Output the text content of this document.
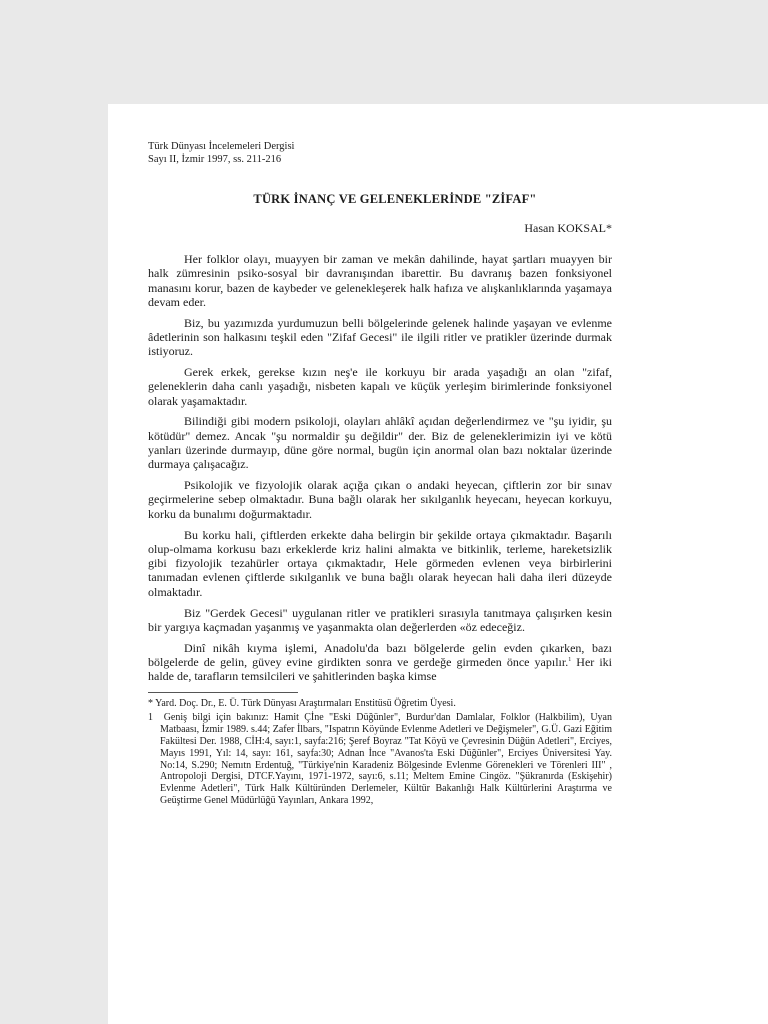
Türk Dünyası İncelemeleri Dergisi
Sayı II, İzmir 1997, ss. 211-216
TÜRK İNANÇ VE GELENEKLERİNDE "ZİFAF"
Hasan KOKSAL*

Her folklor olayı, muayyen bir zaman ve mekân dahilinde, hayat şartları muayyen bir halk zümresinin psiko-sosyal bir davranışından ibarettir. Bu davranış bazen fonksiyonel manasını korur, bazen de kaybeder ve gelenekleşerek halk hafıza ve alışkanlıklarında yaşamaya devam eder.

Biz, bu yazımızda yurdumuzun belli bölgelerinde gelenek halinde yaşayan ve evlenme âdetlerinin son halkasını teşkil eden "Zifaf Gecesi" ile ilgili ritler ve pratikler üzerinde durmak istiyoruz.

Gerek erkek, gerekse kızın neş'e ile korkuyu bir arada yaşadığı an olan "zifaf, geleneklerin daha canlı yaşadığı, nisbeten kapalı ve küçük yerleşim birimlerinde fonksiyonel olarak yaşamaktadır.

Bilindiği gibi modern psikoloji, olayları ahlâkî açıdan değerlendirmez ve "şu iyidir, şu kötüdür" demez. Ancak "şu normaldir şu değildir" der. Biz de geleneklerimizin iyi ve kötü yanları üzerinde durmayıp, düne göre normal, bugün için anormal olan bazı noktalar üzerinde durmaya çalışacağız.

Psikolojik ve fizyolojik olarak açığa çıkan o andaki heyecan, çiftlerin zor bir sınav geçirmelerine sebep olmaktadır. Buna bağlı olarak her sıkılganlık heyecanı, heyecan korkuyu, korku da bunalımı doğurmaktadır.

Bu korku hali, çiftlerden erkekte daha belirgin bir şekilde ortaya çıkmaktadır. Başarılı olup-olmama korkusu bazı erkeklerde kriz halini almakta ve bitkinlik, terleme, hareketsizlik gibi fizyolojik tezahürler ortaya çıkmaktadır, Hele görmeden evlenen veya birbirlerini tanımadan evlenen çiftlerde sıkılganlık ve buna bağlı olarak heyecan hali daha ileri düzeyde olmaktadır.

Biz "Gerdek Gecesi" uygulanan ritler ve pratikleri sırasıyla tanıtmaya çalışırken kesin bir yargıya kaçmadan yaşanmış ve yaşanmakta olan değerlerden «öz edeceğiz.

Dinî nikâh kıyma işlemi, Anadolu'da bazı bölgelerde gelin evden çıkarken, bazı bölgelerde de gelin, güvey evine girdikten sonra ve gerdeğe girmeden önce yapılır.$^1$ Her iki halde de, tarafların temsilcileri ve şahitlerinden başka kimse

* Yard. Doç. Dr., E. Ü. Türk Dünyası Araştırmaları Enstitüsü Öğretim Üyesi.

1 Geniş bilgi için bakınız: Hamit Çİne "Eski Düğünler", Burdur'dan Damlalar, Folklor (Halkbilim), Uyan Matbaası, İzmir 1989. s.44; Zafer İlbars, "Ispatrın Köyünde Evlenme Adetleri ve Değişmeler", G.Ü. Gazi Eğitim Fakültesi Der. 1988, CİH:4, sayı:1, sayfa:216; Şeref Boyraz "Tat Köyü ve Çevresinin Düğün Adetleri", Erciyes, Mayıs 1991, Yıl: 14, sayı: 161, sayfa:30; Adnan İnce "Avanos'ta Eski Düğünler", Erciyes Üniversitesi Yay. No:14, S.290; Nemıtn Erdentuğ, "Türkiye'nin Karadeniz Bölgesinde Evlenme Görenekleri ve Törenleri III" , Antropoloji Dergisi, DTCF.Yayını, 1971-1972, sayı:6, s.11; Meltem Emine Cingöz. "Şükranırda (Eskişehir) Evlenme Adetleri", Türk Halk Kültüründen Derlemeler, Kültür Bakanlığı Halk Kültürlerini Araştırma ve Geüştirme Genel Müdürlüğü Yayınları, Ankara 1992,
